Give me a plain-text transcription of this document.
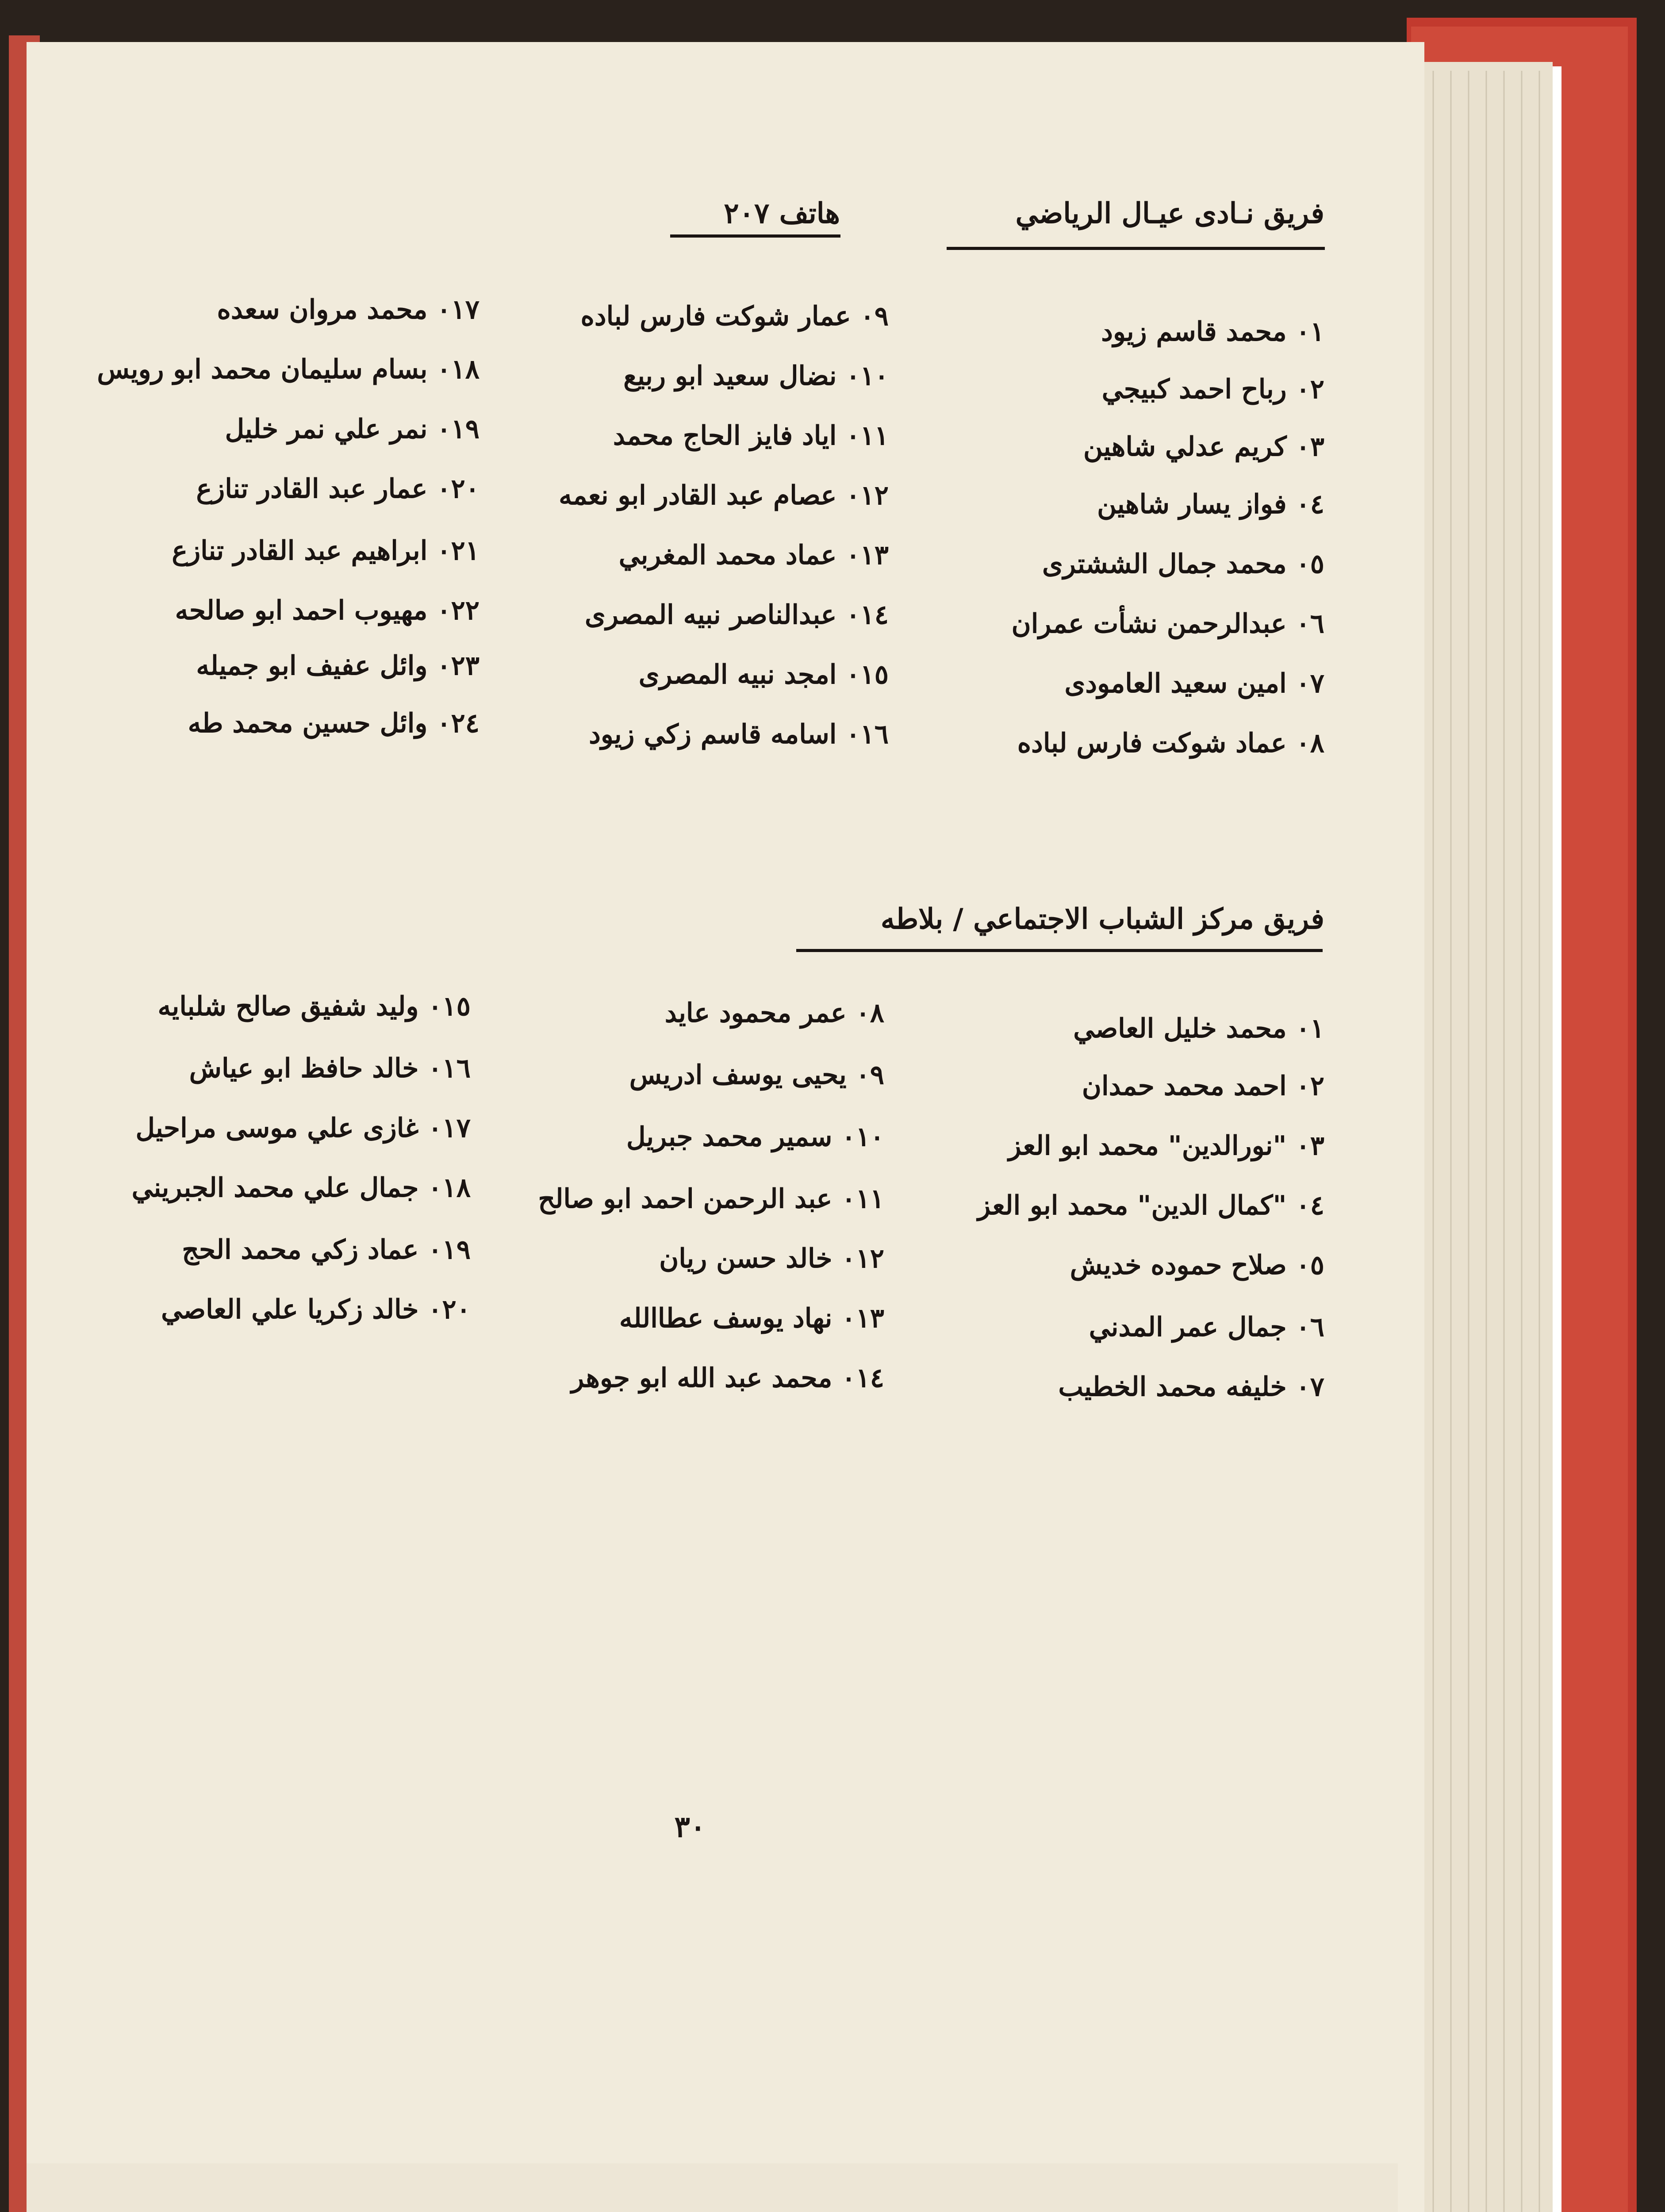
فريق نـادى عيـال الرياضي
هاتف ٢٠٧
٠١ محمد قاسم زيود
٠٢ رباح احمد كبيجي
٠٣ كريم عدلي شاهين
٠٤ فواز يسار شاهين
٠٥ محمد جمال الششترى
٠٦ عبدالرحمن نشأت عمران
٠٧ امين سعيد العامودى
٠٨ عماد شوكت فارس لباده
٠٩ عمار شوكت فارس لباده
٠١٠ نضال سعيد ابو ربيع
٠١١ اياد فايز الحاج محمد
٠١٢ عصام عبد القادر ابو نعمه
٠١٣ عماد محمد المغربي
٠١٤ عبدالناصر نبيه المصرى
٠١٥ امجد نبيه المصرى
٠١٦ اسامه قاسم زكي زيود
٠١٧ محمد مروان سعده
٠١٨ بسام سليمان محمد ابو رويس
٠١٩ نمر علي نمر خليل
٠٢٠ عمار عبد القادر تنازع
٠٢١ ابراهيم عبد القادر تنازع
٠٢٢ مهيوب احمد ابو صالحه
٠٢٣ وائل عفيف ابو جميله
٠٢٤ وائل حسين محمد طه
فريق مركز الشباب الاجتماعي / بلاطه
٠١ محمد خليل العاصي
٠٢ احمد محمد حمدان
٠٣ "نورالدين" محمد ابو العز
٠٤ "كمال الدين" محمد ابو العز
٠٥ صلاح حموده خديش
٠٦ جمال عمر المدني
٠٧ خليفه محمد الخطيب
٠٨ عمر محمود عايد
٠٩ يحيى يوسف ادريس
٠١٠ سمير محمد جبريل
٠١١ عبد الرحمن احمد ابو صالح
٠١٢ خالد حسن ريان
٠١٣ نهاد يوسف عطاالله
٠١٤ محمد عبد الله ابو جوهر
٠١٥ وليد شفيق صالح شلبايه
٠١٦ خالد حافظ ابو عياش
٠١٧ غازى علي موسى مراحيل
٠١٨ جمال علي محمد الجبريني
٠١٩ عماد زكي محمد الحج
٠٢٠ خالد زكريا علي العاصي
٣٠
